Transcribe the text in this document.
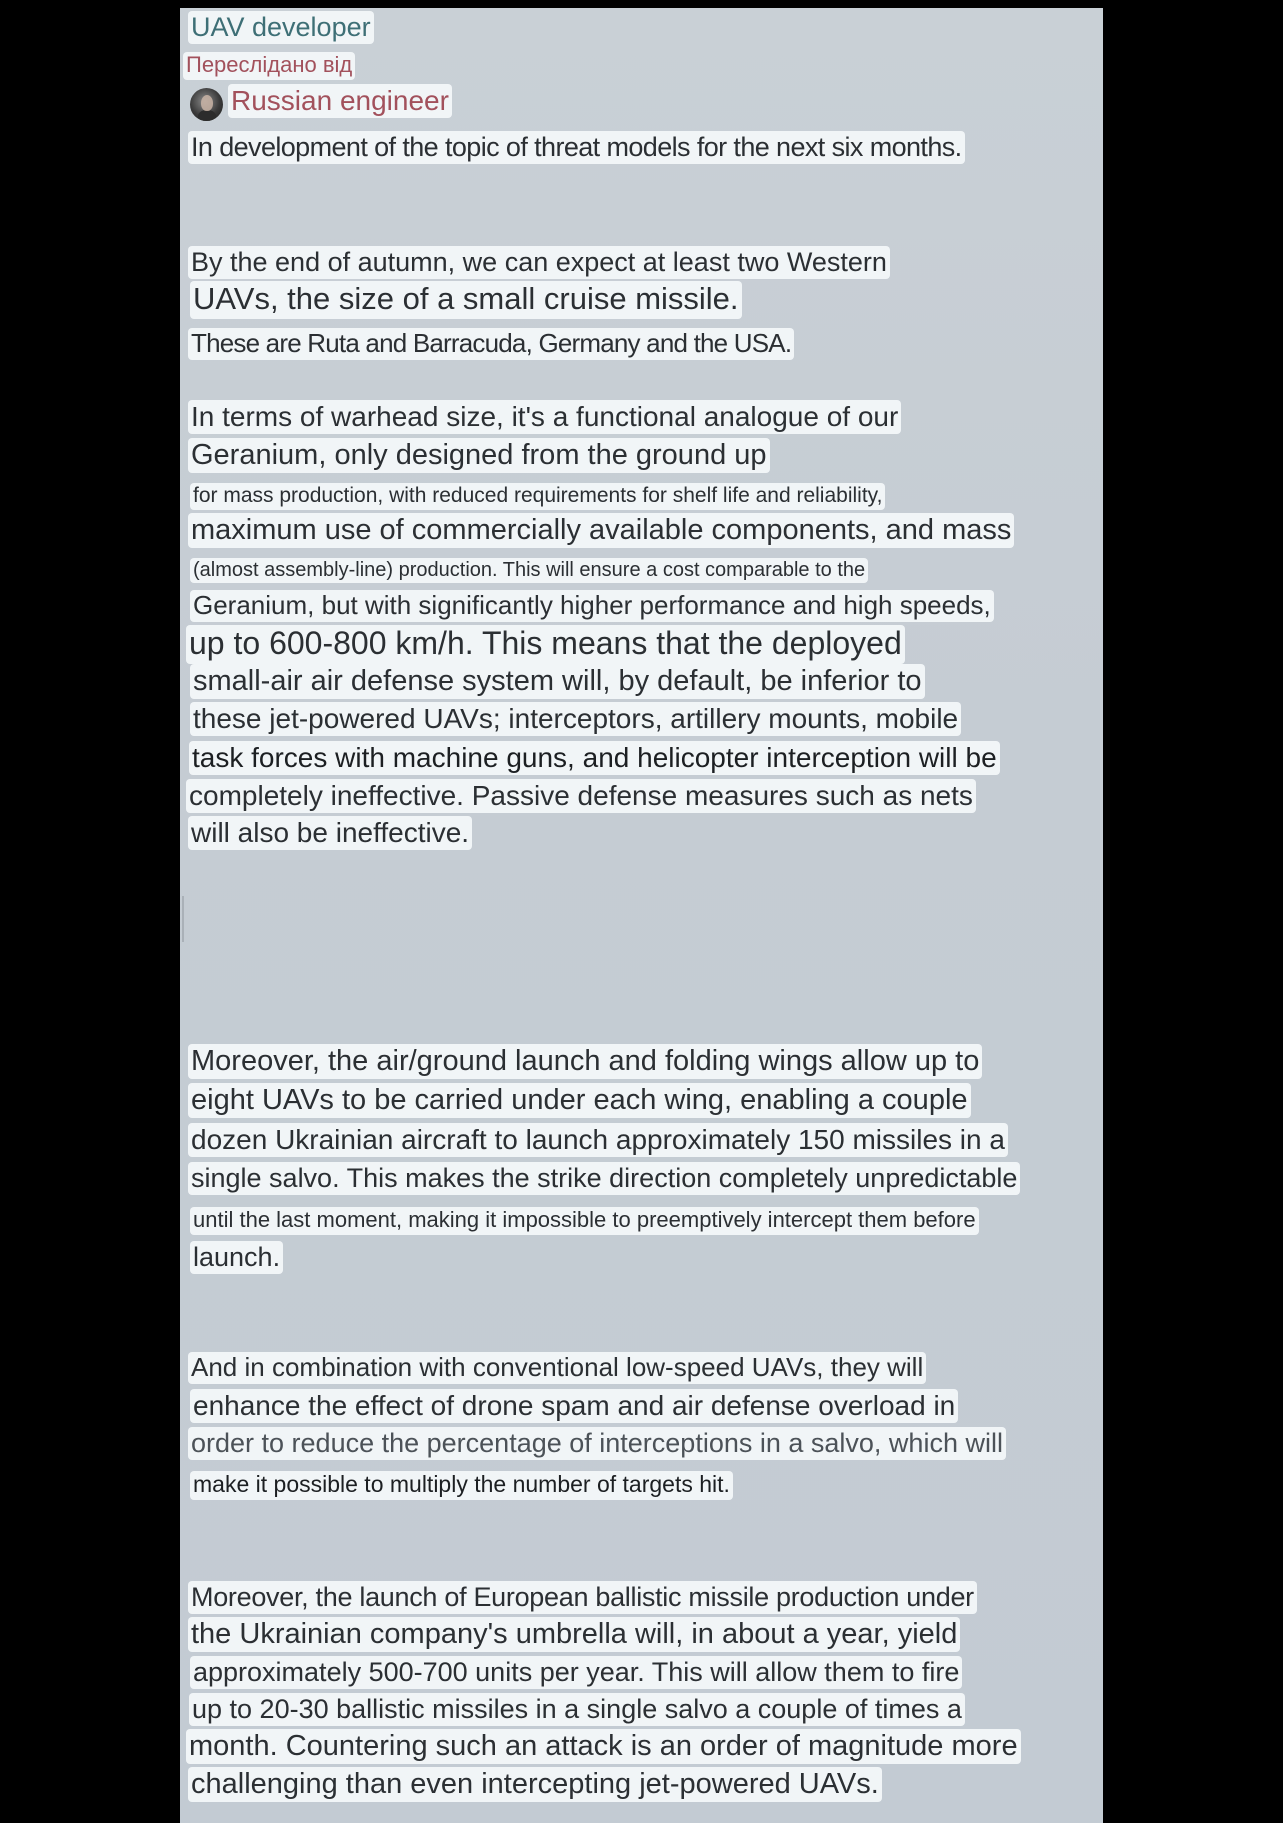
UAV developer
Переслідано від
Russian engineer
In development of the topic of threat models for the next six months.
By the end of autumn, we can expect at least two Western
UAVs, the size of a small cruise missile.
These are Ruta and Barracuda, Germany and the USA.
In terms of warhead size, it's a functional analogue of our
Geranium, only designed from the ground up
for mass production, with reduced requirements for shelf life and reliability,
maximum use of commercially available components, and mass
(almost assembly-line) production. This will ensure a cost comparable to the
Geranium, but with significantly higher performance and high speeds,
up to 600-800 km/h. This means that the deployed
small-air air defense system will, by default, be inferior to
these jet-powered UAVs; interceptors, artillery mounts, mobile
task forces with machine guns, and helicopter interception will be
completely ineffective. Passive defense measures such as nets
will also be ineffective.
Moreover, the air/ground launch and folding wings allow up to
eight UAVs to be carried under each wing, enabling a couple
dozen Ukrainian aircraft to launch approximately 150 missiles in a
single salvo. This makes the strike direction completely unpredictable
until the last moment, making it impossible to preemptively intercept them before
launch.
And in combination with conventional low-speed UAVs, they will
enhance the effect of drone spam and air defense overload in
order to reduce the percentage of interceptions in a salvo, which will
make it possible to multiply the number of targets hit.
Moreover, the launch of European ballistic missile production under
the Ukrainian company's umbrella will, in about a year, yield
approximately 500-700 units per year. This will allow them to fire
up to 20-30 ballistic missiles in a single salvo a couple of times a
month. Countering such an attack is an order of magnitude more
challenging than even intercepting jet-powered UAVs.
